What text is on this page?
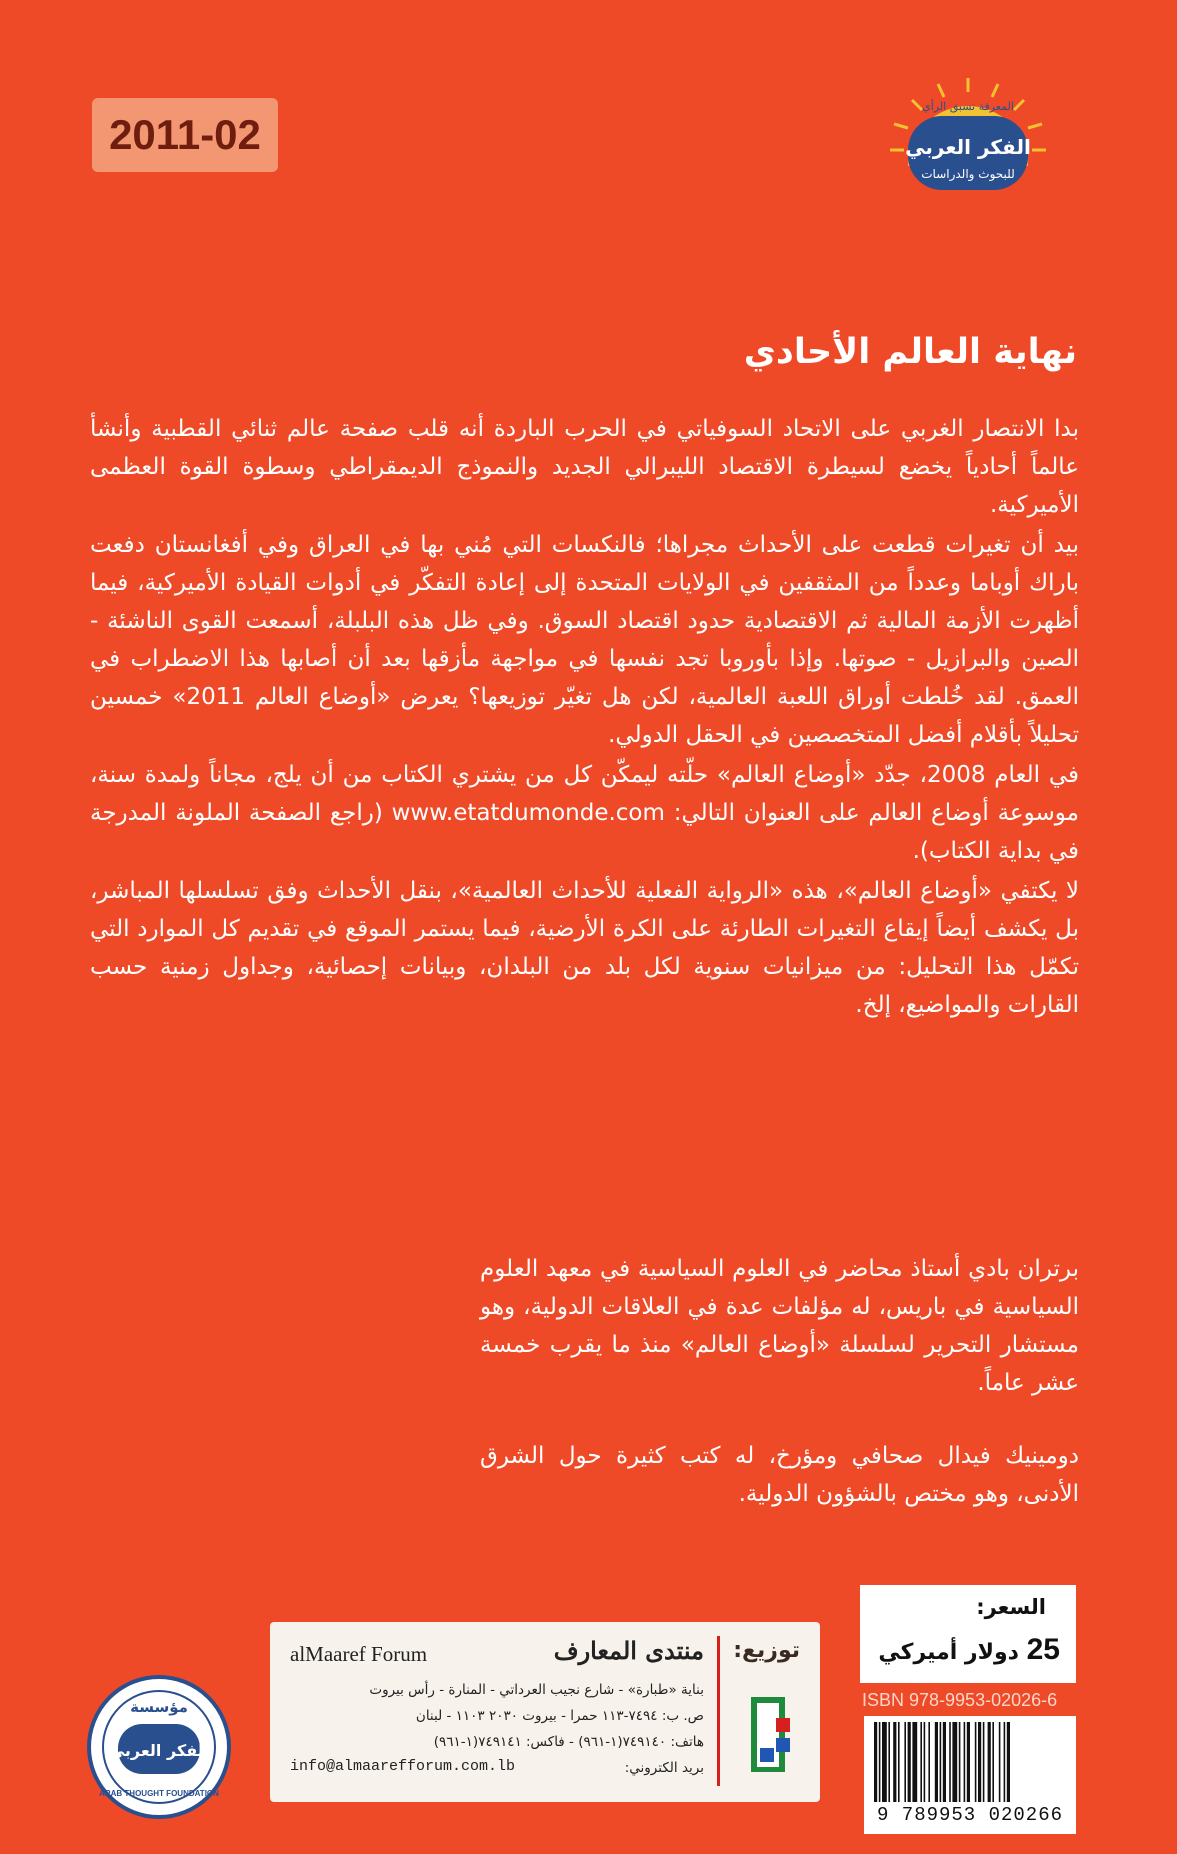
2011-02	الفكر العربي
للبحوث والدراسات
المعرفة تسبق الرأي
نهاية العالم الأحادي

بدا الانتصار الغربي على الاتحاد السوفياتي في الحرب الباردة أنه قلب صفحة عالم ثنائي القطبية وأنشأ عالماً أحادياً يخضع لسيطرة الاقتصاد الليبرالي الجديد والنموذج الديمقراطي وسطوة القوة العظمى الأميركية.

بيد أن تغيرات قطعت على الأحداث مجراها؛ فالنكسات التي مُني بها في العراق وفي أفغانستان دفعت باراك أوباما وعدداً من المثقفين في الولايات المتحدة إلى إعادة التفكّر في أدوات القيادة الأميركية، فيما أظهرت الأزمة المالية ثم الاقتصادية حدود اقتصاد السوق. وفي ظل هذه البلبلة، أسمعت القوى الناشئة - الصين والبرازيل - صوتها. وإذا بأوروبا تجد نفسها في مواجهة مأزقها بعد أن أصابها هذا الاضطراب في العمق. لقد خُلطت أوراق اللعبة العالمية، لكن هل تغيّر توزيعها؟ يعرض «أوضاع العالم 2011» خمسين تحليلاً بأقلام أفضل المتخصصين في الحقل الدولي.

في العام 2008، جدّد «أوضاع العالم» حلّته ليمكّن كل من يشتري الكتاب من أن يلج، مجاناً ولمدة سنة، موسوعة أوضاع العالم على العنوان التالي: www.etatdumonde.com (راجع الصفحة الملونة المدرجة في بداية الكتاب).

لا يكتفي «أوضاع العالم»، هذه «الرواية الفعلية للأحداث العالمية»، بنقل الأحداث وفق تسلسلها المباشر، بل يكشف أيضاً إيقاع التغيرات الطارئة على الكرة الأرضية، فيما يستمر الموقع في تقديم كل الموارد التي تكمّل هذا التحليل: من ميزانيات سنوية لكل بلد من البلدان، وبيانات إحصائية، وجداول زمنية حسب القارات والمواضيع، إلخ.

برتران بادي أستاذ محاضر في العلوم السياسية في معهد العلوم السياسية في باريس، له مؤلفات عدة في العلاقات الدولية، وهو مستشار التحرير لسلسلة «أوضاع العالم» منذ ما يقرب خمسة عشر عاماً.

دومينيك فيدال صحافي ومؤرخ، له كتب كثيرة حول الشرق الأدنى، وهو مختص بالشؤون الدولية.

مؤسسة
الفكر العربي
ARAB THOUGHT FOUNDATION
توزيع:
منتدى المعارف
alMaaref Forum
بناية «طبارة» - شارع نجيب العرداتي - المنارة - رأس بيروت
ص. ب: ٧٤٩٤-١١٣ حمرا - بيروت ٢٠٣٠ ١١٠٣ - لبنان
هاتف: ٧٤٩١٤٠(١-٩٦١) - فاكس: ٧٤٩١٤١(١-٩٦١)
بريد الكتروني:
info@almaarefforum.com.lb
السعر:
25 دولار أميركي
ISBN 978-9953-02026-6
9 789953 020266
